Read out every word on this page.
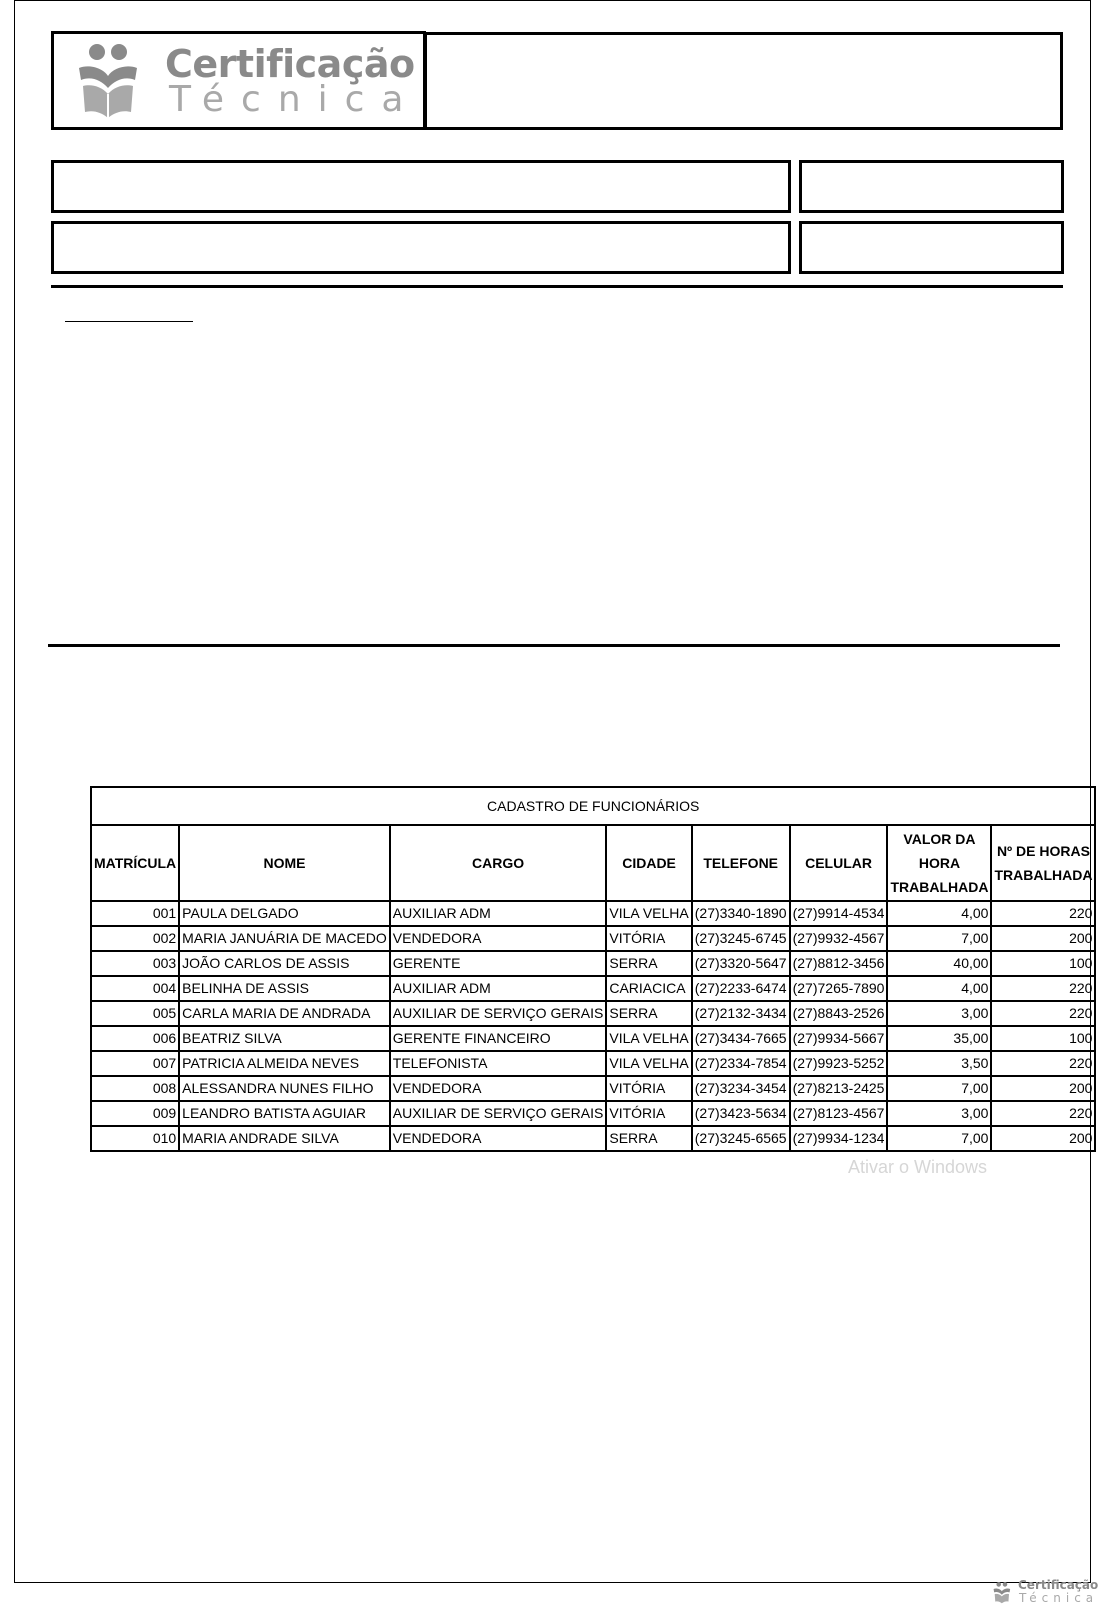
Certificação
Técnica
CADASTRO DE FUNCIONÁRIOS							
MATRÍCULA	NOME	CARGO	CIDADE	TELEFONE	CELULAR	VALOR DA HORA TRABALHADA	Nº DE HORAS TRABALHADA
001	PAULA DELGADO	AUXILIAR ADM	VILA VELHA	(27)3340-1890	(27)9914-4534	4,00	220
002	MARIA JANUÁRIA DE MACEDO	VENDEDORA	VITÓRIA	(27)3245-6745	(27)9932-4567	7,00	200
003	JOÃO CARLOS DE ASSIS	GERENTE	SERRA	(27)3320-5647	(27)8812-3456	40,00	100
004	BELINHA DE ASSIS	AUXILIAR ADM	CARIACICA	(27)2233-6474	(27)7265-7890	4,00	220
005	CARLA MARIA DE ANDRADA	AUXILIAR DE SERVIÇO GERAIS	SERRA	(27)2132-3434	(27)8843-2526	3,00	220
006	BEATRIZ SILVA	GERENTE FINANCEIRO	VILA VELHA	(27)3434-7665	(27)9934-5667	35,00	100
007	PATRICIA ALMEIDA NEVES	TELEFONISTA	VILA VELHA	(27)2334-7854	(27)9923-5252	3,50	220
008	ALESSANDRA NUNES FILHO	VENDEDORA	VITÓRIA	(27)3234-3454	(27)8213-2425	7,00	200
009	LEANDRO BATISTA AGUIAR	AUXILIAR DE SERVIÇO GERAIS	VITÓRIA	(27)3423-5634	(27)8123-4567	3,00	220
010	MARIA ANDRADE SILVA	VENDEDORA	SERRA	(27)3245-6565	(27)9934-1234	7,00	200
Ativar o Windows
Certificação
Técnica
